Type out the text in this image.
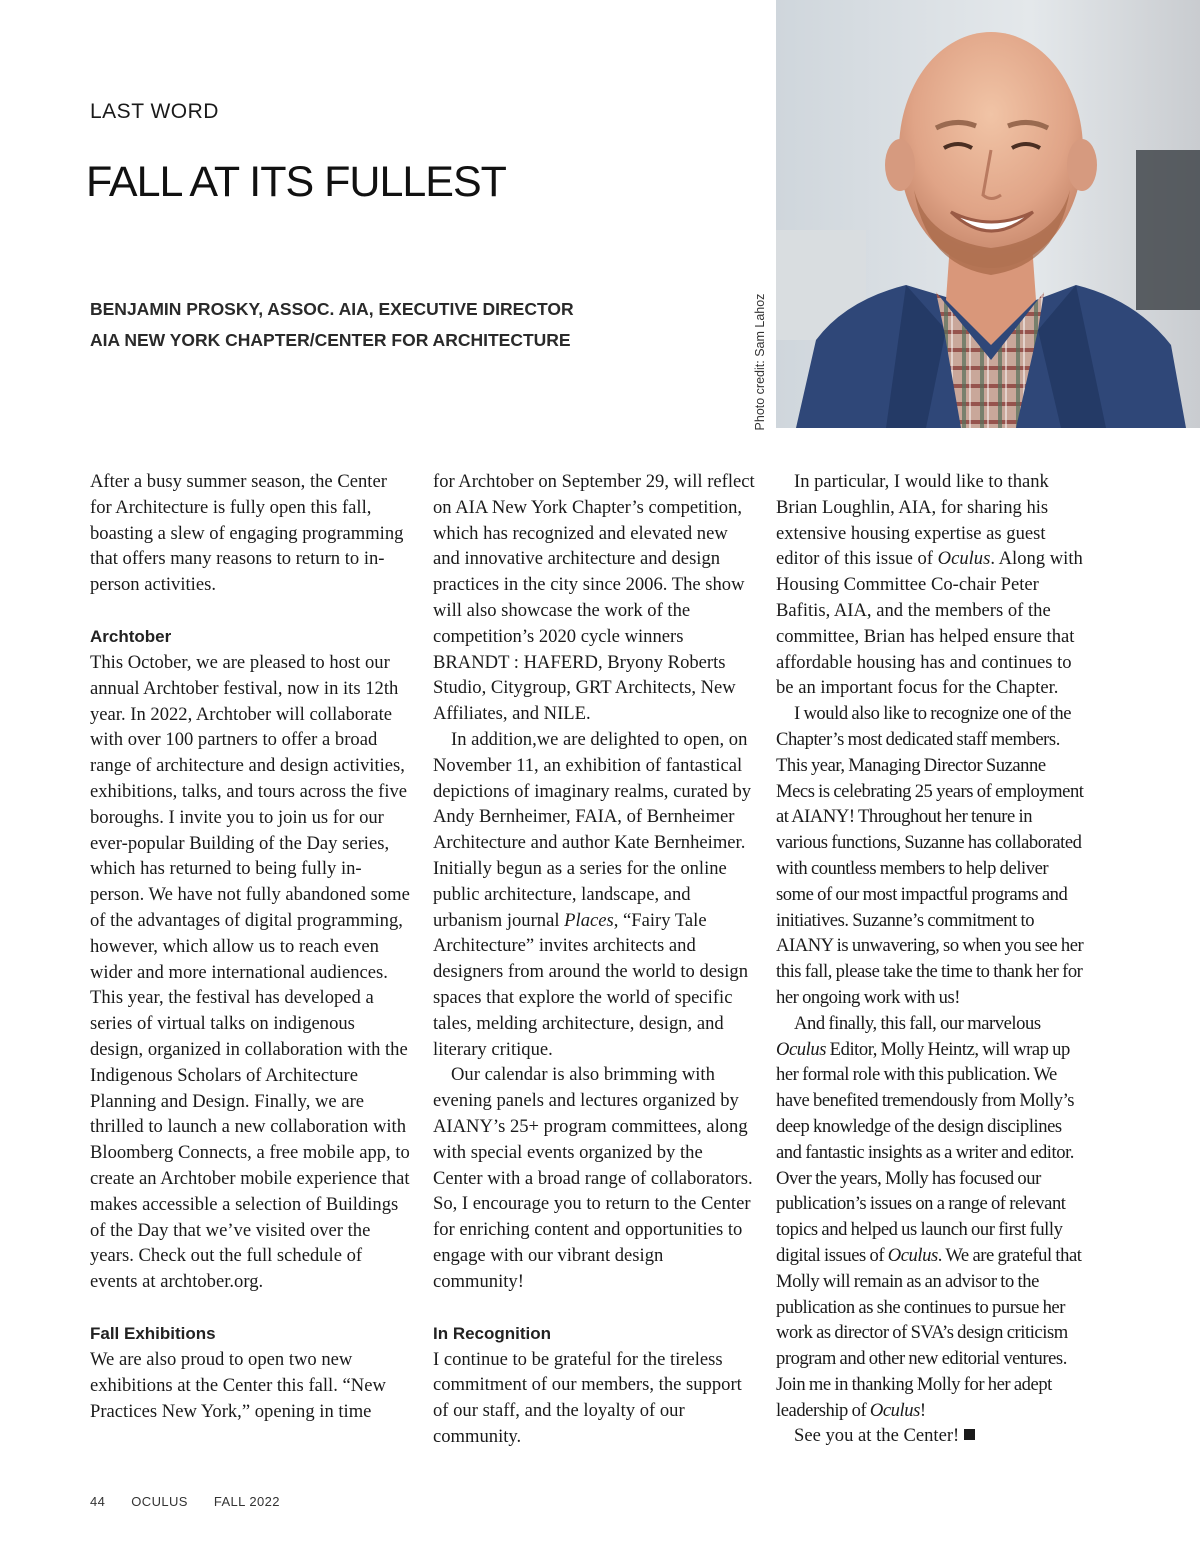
LAST WORD
FALL AT ITS FULLEST
BENJAMIN PROSKY, ASSOC. AIA, EXECUTIVE DIRECTOR
AIA NEW YORK CHAPTER/CENTER FOR ARCHITECTURE	Photo credit: Sam Lahoz

After a busy summer season, the Center for Architecture is fully open this fall, boasting a slew of engaging programming that offers many reasons to return to in-person activities.

Archtober

This October, we are pleased to host our annual Archtober festival, now in its 12th year. In 2022, Archtober will collaborate with over 100 partners to offer a broad range of architecture and design activities, exhibitions, talks, and tours across the five boroughs. I invite you to join us for our ever-popular Building of the Day series, which has returned to being fully in-person. We have not fully abandoned some of the advantages of digital programming, however, which allow us to reach even wider and more international audiences. This year, the festival has developed a series of virtual talks on indigenous design, organized in collaboration with the Indigenous Scholars of Architecture Planning and Design. Finally, we are thrilled to launch a new collaboration with Bloomberg Connects, a free mobile app, to create an Archtober mobile experience that makes accessible a selection of Buildings of the Day that we’ve visited over the years. Check out the full schedule of events at archtober.org.

Fall Exhibitions

We are also proud to open two new exhibitions at the Center this fall. “New Practices New York,” opening in time

for Archtober on September 29, will reflect on AIA New York Chapter’s competition, which has recognized and elevated new and innovative architecture and design practices in the city since 2006. The show will also showcase the work of the competition’s 2020 cycle winners BRANDT : HAFERD, Bryony Roberts Studio, Citygroup, GRT Architects, New Affiliates, and NILE.

In addition,we are delighted to open, on November 11, an exhibition of fantastical depictions of imaginary realms, curated by Andy Bernheimer, FAIA, of Bernheimer Architecture and author Kate Bernheimer. Initially begun as a series for the online public architecture, landscape, and urbanism journal Places, “Fairy Tale Architecture” invites architects and designers from around the world to design spaces that explore the world of specific tales, melding architecture, design, and literary critique.

Our calendar is also brimming with evening panels and lectures organized by AIANY’s 25+ program committees, along with special events organized by the Center with a broad range of collaborators. So, I encourage you to return to the Center for enriching content and opportunities to engage with our vibrant design community!

In Recognition

I continue to be grateful for the tireless commitment of our members, the support of our staff, and the loyalty of our community.

In particular, I would like to thank Brian Loughlin, AIA, for sharing his extensive housing expertise as guest editor of this issue of Oculus. Along with Housing Committee Co-chair Peter Bafitis, AIA, and the members of the committee, Brian has helped ensure that affordable housing has and continues to be an important focus for the Chapter.

I would also like to recognize one of the Chapter’s most dedicated staff members. This year, Managing Director Suzanne Mecs is celebrating 25 years of employment at AIANY! Throughout her tenure in various functions, Suzanne has collaborated with countless members to help deliver some of our most impactful programs and initiatives. Suzanne’s commitment to AIANY is unwavering, so when you see her this fall, please take the time to thank her for her ongoing work with us!

And finally, this fall, our marvelous Oculus Editor, Molly Heintz, will wrap up her formal role with this publication. We have benefited tremendously from Molly’s deep knowledge of the design disciplines and fantastic insights as a writer and editor. Over the years, Molly has focused our publication’s issues on a range of relevant topics and helped us launch our first fully digital issues of Oculus. We are grateful that Molly will remain as an advisor to the publication as she continues to pursue her work as director of SVA’s design criticism program and other new editorial ventures. Join me in thanking Molly for her adept leadership of Oculus!

See you at the Center!

44 OCULUS FALL 2022
